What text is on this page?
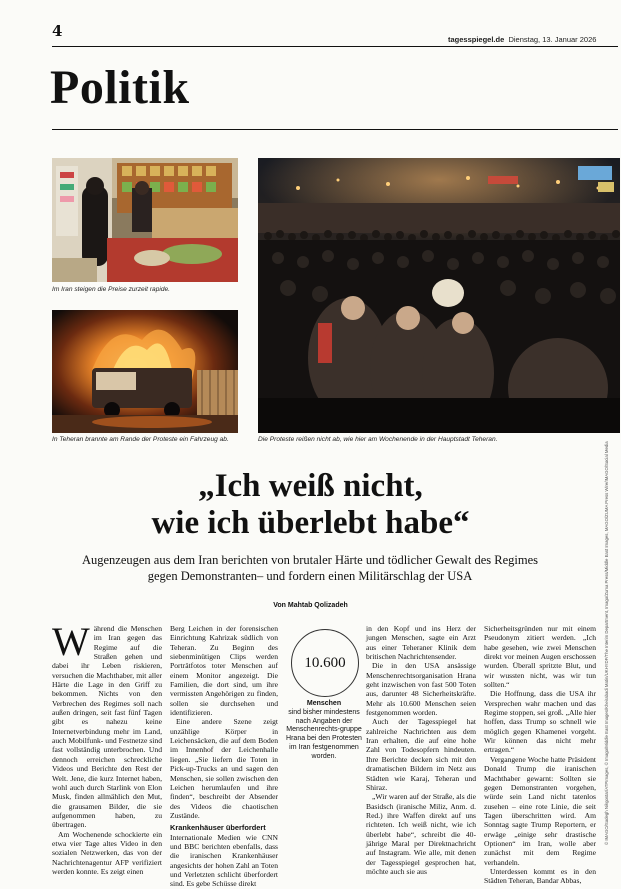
4	tagesspiegel.de Dienstag, 13. Januar 2026
Politik
Im Iran steigen die Preise zurzeit rapide.
In Teheran brannte am Rande der Proteste ein Fahrzeug ab.	Die Proteste reißen nicht ab, wie hier am Wochenende in der Hauptstadt Teheran.
© IMAGO/Sadegh Nikgostar/ATPImages, © Imago/Middle East Images/Kheirabadi Matin/UKHYDF/The Interim Department, Imago/Zuma Press/Middle East Images, MAGO/ZUMA Press Wire/IMAGO/Social Media
„Ich weiß nicht,
wie ich überlebt habe“
Augenzeugen aus dem Iran berichten von brutaler Härte und tödlicher Gewalt des Regimes gegen Demonstranten– und fordern einen Militärschlag der USA
Von Mahtab Qolizadeh
W ährend die Menschen im Iran gegen das Regime auf die Straßen gehen und dabei ihr Leben riskieren, versuchen die Machthaber, mit aller Härte die Lage in den Griff zu bekommen. Nichts von den Verbrechen des Regimes soll nach außen dringen, seit fast fünf Tagen gibt es nahezu keine Internetverbindung mehr im Land, auch Mobilfunk- und Festnetze sind fast vollständig unterbrochen. Und dennoch erreichen schreckliche Videos und Berichte den Rest der Welt. Jene, die kurz Internet haben, wohl auch durch Starlink von Elon Musk, finden allmählich den Mut, die grausamen Bilder, die sie aufgenommen haben, zu übertragen.

Am Wochenende schockierte ein etwa vier Tage altes Video in den sozialen Netzwerken, das von der Nachrichtenagentur AFP verifiziert werden konnte. Es zeigt einen

Berg Leichen in der forensischen Einrichtung Kahrizak südlich von Teheran. Zu Beginn des siebenminütigen Clips werden Porträtfotos toter Menschen auf einem Monitor angezeigt. Die Familien, die dort sind, um ihre vermissten Angehörigen zu finden, sollen sie durchsehen und identifizieren.

Eine andere Szene zeigt unzählige Körper in Leichensäcken, die auf dem Boden im Innenhof der Leichenhalle liegen. „Sie liefern die Toten in Pick-up-Trucks an und sagen den Menschen, sie sollen zwischen den Leichen herumlaufen und ihre finden“, beschreibt der Absender des Videos die chaotischen Zustände.

Krankenhäuser überfordert

Internationale Medien wie CNN und BBC berichten ebenfalls, dass die iranischen Krankenhäuser angesichts der hohen Zahl an Toten und Verletzten schlicht überfordert sind. Es gebe Schüsse direkt

10.600
Menschen
sind bisher mindestens nach Angaben der Menschenrechts-gruppe Hrana bei den Protesten im Iran festgenommen worden.

in den Kopf und ins Herz der jungen Menschen, sagte ein Arzt aus einer Teheraner Klinik dem britischen Nachrichtensender.

Die in den USA ansässige Menschenrechtsorganisation Hrana geht inzwischen von fast 500 Toten aus, darunter 48 Sicherheitskräfte. Mehr als 10.600 Menschen seien festgenommen worden.

Auch der Tagesspiegel hat zahlreiche Nachrichten aus dem Iran erhalten, die auf eine hohe Zahl von Todesopfern hindeuten. Ihre Berichte decken sich mit den dramatischen Bildern im Netz aus Städten wie Karaj, Teheran und Shiraz.

„Wir waren auf der Straße, als die Basidsch (iranische Miliz, Anm. d. Red.) ihre Waffen direkt auf uns richteten. Ich weiß nicht, wie ich überlebt habe“, schreibt die 40-jährige Maral per Direktnachricht auf Instagram. Wie alle, mit denen der Tagesspiegel gesprochen hat, möchte auch sie aus

Sicherheitsgründen nur mit einem Pseudonym zitiert werden. „Ich habe gesehen, wie zwei Menschen direkt vor meinen Augen erschossen wurden. Überall spritzte Blut, und wir wussten nicht, was wir tun sollten.“

Die Hoffnung, dass die USA ihr Versprechen wahr machen und das Regime stoppen, sei groß. „Alle hier hoffen, dass Trump so schnell wie möglich gegen Khamenei vorgeht. Wir können das nicht mehr ertragen.“

Vergangene Woche hatte Präsident Donald Trump die iranischen Machthaber gewarnt: Sollten sie gegen Demonstranten vorgehen, würde sein Land nicht tatenlos zusehen – eine rote Linie, die seit Tagen überschritten wird. Am Sonntag sagte Trump Reportern, er erwäge „einige sehr drastische Optionen“ im Iran, wolle aber zunächst mit dem Regime verhandeln.

Unterdessen kommt es in den Städten Teheran, Bandar Abbas,
